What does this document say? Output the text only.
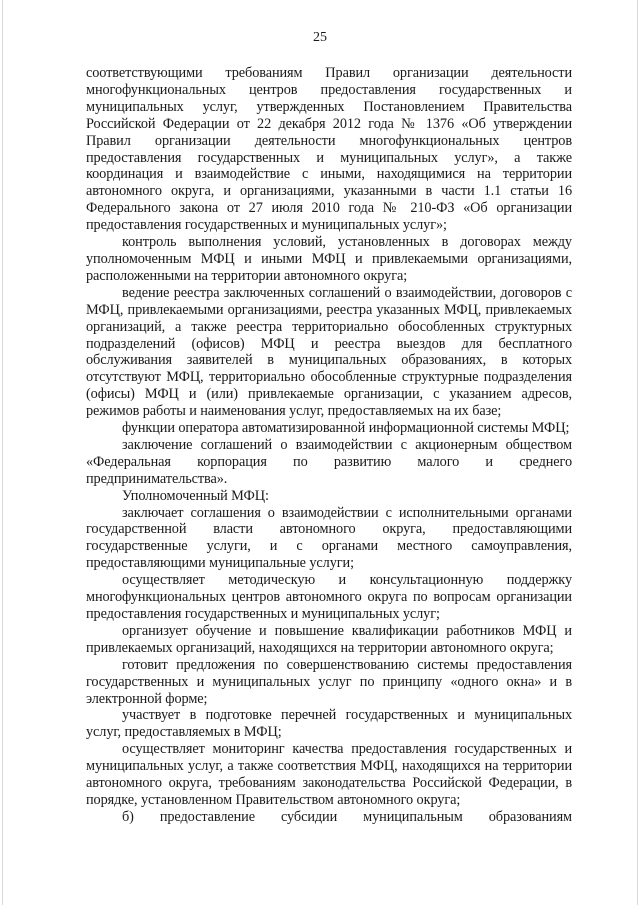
25

соответствующими требованиям Правил организации деятельности многофункциональных центров предоставления государственных и муниципальных услуг, утвержденных Постановлением Правительства Российской Федерации от 22 декабря 2012 года № 1376 «Об утверждении Правил организации деятельности многофункциональных центров предоставления государственных и муниципальных услуг», а также координация и взаимодействие с иными, находящимися на территории автономного округа, и организациями, указанными в части 1.1 статьи 16 Федерального закона от 27 июля 2010 года № 210-ФЗ «Об организации предоставления государственных и муниципальных услуг»;

контроль выполнения условий, установленных в договорах между уполномоченным МФЦ и иными МФЦ и привлекаемыми организациями, расположенными на территории автономного округа;

ведение реестра заключенных соглашений о взаимодействии, договоров с МФЦ, привлекаемыми организациями, реестра указанных МФЦ, привлекаемых организаций, а также реестра территориально обособленных структурных подразделений (офисов) МФЦ и реестра выездов для бесплатного обслуживания заявителей в муниципальных образованиях, в которых отсутствуют МФЦ, территориально обособленные структурные подразделения (офисы) МФЦ и (или) привлекаемые организации, с указанием адресов, режимов работы и наименования услуг, предоставляемых на их базе;

функции оператора автоматизированной информационной системы МФЦ;

заключение соглашений о взаимодействии с акционерным обществом «Федеральная корпорация по развитию малого и среднего предпринимательства».

Уполномоченный МФЦ:

заключает соглашения о взаимодействии с исполнительными органами государственной власти автономного округа, предоставляющими государственные услуги, и с органами местного самоуправления, предоставляющими муниципальные услуги;

осуществляет методическую и консультационную поддержку многофункциональных центров автономного округа по вопросам организации предоставления государственных и муниципальных услуг;

организует обучение и повышение квалификации работников МФЦ и привлекаемых организаций, находящихся на территории автономного округа;

готовит предложения по совершенствованию системы предоставления государственных и муниципальных услуг по принципу «одного окна» и в электронной форме;

участвует в подготовке перечней государственных и муниципальных услуг, предоставляемых в МФЦ;

осуществляет мониторинг качества предоставления государственных и муниципальных услуг, а также соответствия МФЦ, находящихся на территории автономного округа, требованиям законодательства Российской Федерации, в порядке, установленном Правительством автономного округа;

б) предоставление субсидии муниципальным образованиям
